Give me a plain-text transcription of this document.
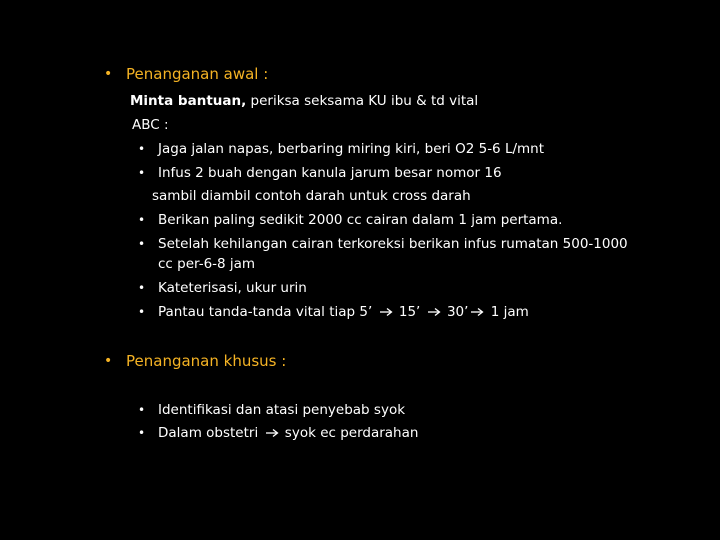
• Penanganan awal :
Minta bantuan, periksa seksama KU ibu & td vital
ABC :
• Jaga jalan napas, berbaring miring kiri, beri O2 5-6 L/mnt
• Infus 2 buah dengan kanula jarum besar nomor 16
sambil diambil contoh darah untuk cross darah
• Berikan paling sedikit 2000 cc cairan dalam 1 jam pertama.
• Setelah kehilangan cairan terkoreksi berikan infus rumatan 500-1000
cc per-6-8 jam
• Kateterisasi, ukur urin
• Pantau tanda-tanda vital tiap 5’ 15’ 30’ 1 jam
• Penanganan khusus :
• Identifikasi dan atasi penyebab syok
• Dalam obstetri syok ec perdarahan
